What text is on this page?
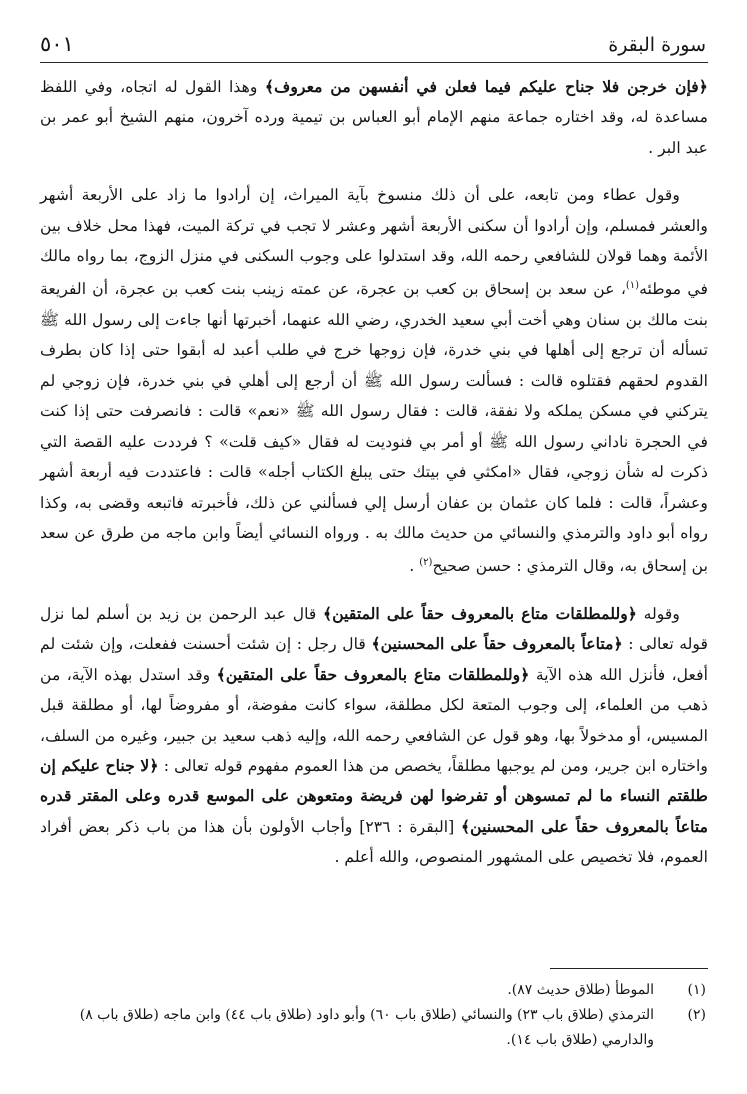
٥٠١	سورة البقرة

﴿فإن خرجن فلا جناح عليكم فيما فعلن في أنفسهن من معروف﴾ وهذا القول له اتجاه، وفي اللفظ مساعدة له، وقد اختاره جماعة منهم الإمام أبو العباس بن تيمية ورده آخرون، منهم الشيخ أبو عمر بن عبد البر .

وقول عطاء ومن تابعه، على أن ذلك منسوخ بآية الميراث، إن أرادوا ما زاد على الأربعة أشهر والعشر فمسلم، وإن أرادوا أن سكنى الأربعة أشهر وعشر لا تجب في تركة الميت، فهذا محل خلاف بين الأئمة وهما قولان للشافعي رحمه الله، وقد استدلوا على وجوب السكنى في منزل الزوج، بما رواه مالك في موطئه$^{(١)}$، عن سعد بن إسحاق بن كعب بن عجرة، عن عمته زينب بنت كعب بن عجرة، أن الفريعة بنت مالك بن سنان وهي أخت أبي سعيد الخدري، رضي الله عنهما، أخبرتها أنها جاءت إلى رسول الله ﷺ تسأله أن ترجع إلى أهلها في بني خدرة، فإن زوجها خرج في طلب أعبد له أبقوا حتى إذا كان بطرف القدوم لحقهم فقتلوه قالت : فسألت رسول الله ﷺ أن أرجع إلى أهلي في بني خدرة، فإن زوجي لم يتركني في مسكن يملكه ولا نفقة، قالت : فقال رسول الله ﷺ «نعم» قالت : فانصرفت حتى إذا كنت في الحجرة ناداني رسول الله ﷺ أو أمر بي فنوديت له فقال «كيف قلت» ؟ فرددت عليه القصة التي ذكرت له شأن زوجي، فقال «امكثي في بيتك حتى يبلغ الكتاب أجله» قالت : فاعتددت فيه أربعة أشهر وعشراً، قالت : فلما كان عثمان بن عفان أرسل إلي فسألني عن ذلك، فأخبرته فاتبعه وقضى به، وكذا رواه أبو داود والترمذي والنسائي من حديث مالك به . ورواه النسائي أيضاً وابن ماجه من طرق عن سعد بن إسحاق به، وقال الترمذي : حسن صحيح$^{(٢)}$ .

وقوله ﴿وللمطلقات متاع بالمعروف حقاً على المتقين﴾ قال عبد الرحمن بن زيد بن أسلم لما نزل قوله تعالى : ﴿متاعاً بالمعروف حقاً على المحسنين﴾ قال رجل : إن شئت أحسنت ففعلت، وإن شئت لم أفعل، فأنزل الله هذه الآية ﴿وللمطلقات متاع بالمعروف حقاً على المتقين﴾ وقد استدل بهذه الآية، من ذهب من العلماء، إلى وجوب المتعة لكل مطلقة، سواء كانت مفوضة، أو مفروضاً لها، أو مطلقة قبل المسيس، أو مدخولاً بها، وهو قول عن الشافعي رحمه الله، وإليه ذهب سعيد بن جبير، وغيره من السلف، واختاره ابن جرير، ومن لم يوجبها مطلقاً، يخصص من هذا العموم مفهوم قوله تعالى : ﴿لا جناح عليكم إن طلقتم النساء ما لم تمسوهن أو تفرضوا لهن فريضة ومتعوهن على الموسع قدره وعلى المقتر قدره متاعاً بالمعروف حقاً على المحسنين﴾ [البقرة : ٢٣٦] وأجاب الأولون بأن هذا من باب ذكر بعض أفراد العموم، فلا تخصيص على المشهور المنصوص، والله أعلم .

(١)
الموطأ (طلاق حديث ٨٧).
(٢)
الترمذي (طلاق باب ٢٣) والنسائي (طلاق باب ٦٠) وأبو داود (طلاق باب ٤٤) وابن ماجه (طلاق باب ٨) والدارمي (طلاق باب ١٤).
